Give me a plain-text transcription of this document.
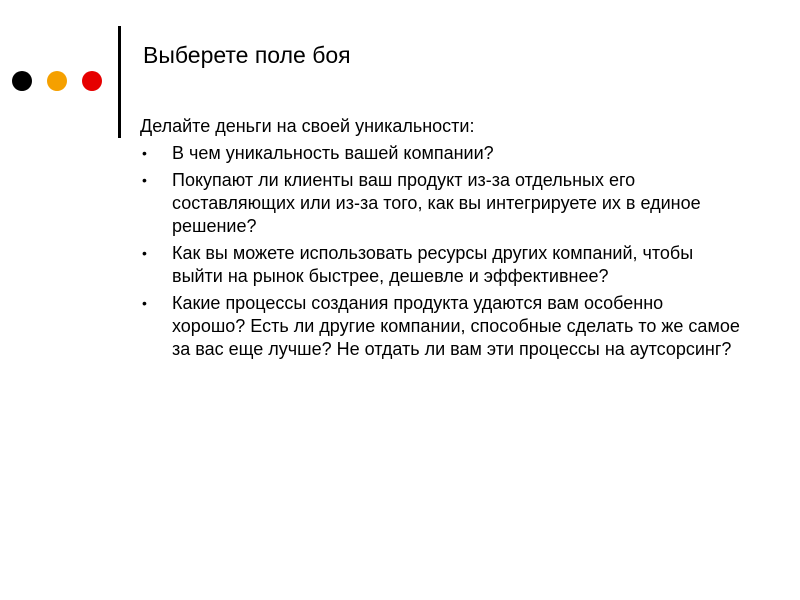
Выберете поле боя
Делайте деньги на своей уникальности:
• В чем уникальность вашей компании?
• Покупают ли клиенты ваш продукт из-за отдельных его составляющих или из-за того, как вы интегрируете их в единое решение?
• Как вы можете использовать ресурсы других компаний, чтобы выйти на рынок быстрее, дешевле и эффективнее?
• Какие процессы создания продукта удаются вам особенно хорошо? Есть ли другие компании, способные сделать то же самое за вас еще лучше? Не отдать ли вам эти процессы на аутсорсинг?
